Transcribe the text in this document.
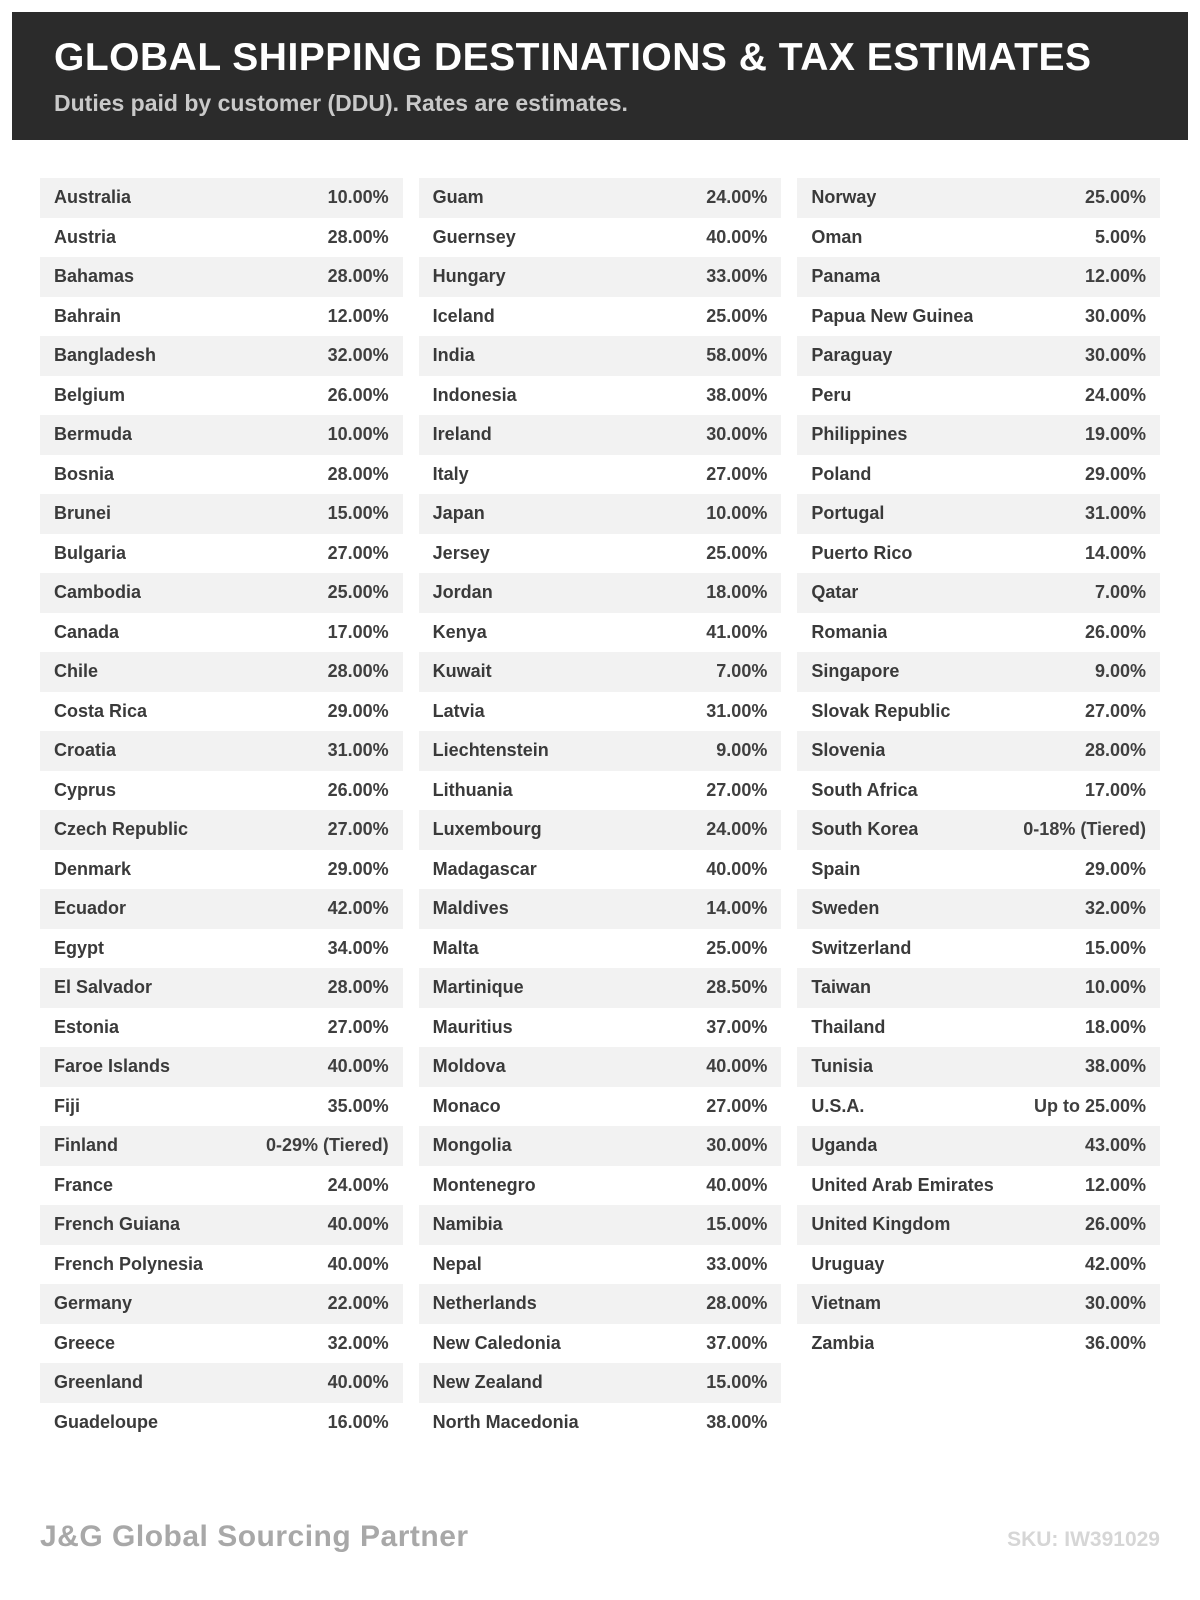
GLOBAL SHIPPING DESTINATIONS & TAX ESTIMATES
Duties paid by customer (DDU). Rates are estimates.
Australia	10.00%
Austria	28.00%
Bahamas	28.00%
Bahrain	12.00%
Bangladesh	32.00%
Belgium	26.00%
Bermuda	10.00%
Bosnia	28.00%
Brunei	15.00%
Bulgaria	27.00%
Cambodia	25.00%
Canada	17.00%
Chile	28.00%
Costa Rica	29.00%
Croatia	31.00%
Cyprus	26.00%
Czech Republic	27.00%
Denmark	29.00%
Ecuador	42.00%
Egypt	34.00%
El Salvador	28.00%
Estonia	27.00%
Faroe Islands	40.00%
Fiji	35.00%
Finland	0-29% (Tiered)
France	24.00%
French Guiana	40.00%
French Polynesia	40.00%
Germany	22.00%
Greece	32.00%
Greenland	40.00%
Guadeloupe	16.00%
Guam	24.00%
Guernsey	40.00%
Hungary	33.00%
Iceland	25.00%
India	58.00%
Indonesia	38.00%
Ireland	30.00%
Italy	27.00%
Japan	10.00%
Jersey	25.00%
Jordan	18.00%
Kenya	41.00%
Kuwait	7.00%
Latvia	31.00%
Liechtenstein	9.00%
Lithuania	27.00%
Luxembourg	24.00%
Madagascar	40.00%
Maldives	14.00%
Malta	25.00%
Martinique	28.50%
Mauritius	37.00%
Moldova	40.00%
Monaco	27.00%
Mongolia	30.00%
Montenegro	40.00%
Namibia	15.00%
Nepal	33.00%
Netherlands	28.00%
New Caledonia	37.00%
New Zealand	15.00%
North Macedonia	38.00%
Norway	25.00%
Oman	5.00%
Panama	12.00%
Papua New Guinea	30.00%
Paraguay	30.00%
Peru	24.00%
Philippines	19.00%
Poland	29.00%
Portugal	31.00%
Puerto Rico	14.00%
Qatar	7.00%
Romania	26.00%
Singapore	9.00%
Slovak Republic	27.00%
Slovenia	28.00%
South Africa	17.00%
South Korea	0-18% (Tiered)
Spain	29.00%
Sweden	32.00%
Switzerland	15.00%
Taiwan	10.00%
Thailand	18.00%
Tunisia	38.00%
U.S.A.	Up to 25.00%
Uganda	43.00%
United Arab Emirates	12.00%
United Kingdom	26.00%
Uruguay	42.00%
Vietnam	30.00%
Zambia	36.00%
J&G Global Sourcing Partner	SKU: IW391029
